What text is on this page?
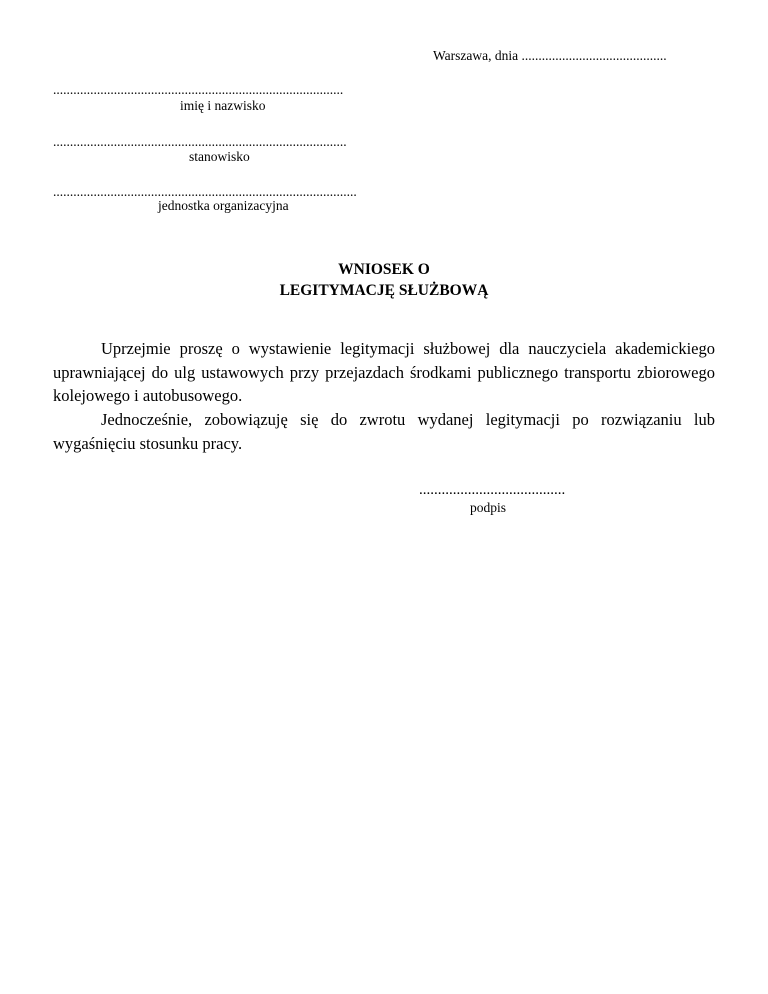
Warszawa, dnia ...........................................
......................................................................................
imię i nazwisko
.......................................................................................
stanowisko
..........................................................................................
jednostka organizacyjna
WNIOSEK O
LEGITYMACJĘ SŁUŻBOWĄ
Uprzejmie proszę o wystawienie legitymacji służbowej dla nauczyciela akademickiego uprawniającej do ulg ustawowych przy przejazdach środkami publicznego transportu zbiorowego kolejowego i autobusowego.
Jednocześnie, zobowiązuję się do zwrotu wydanej legitymacji po rozwiązaniu lub wygaśnięciu stosunku pracy.
.......................................
podpis
